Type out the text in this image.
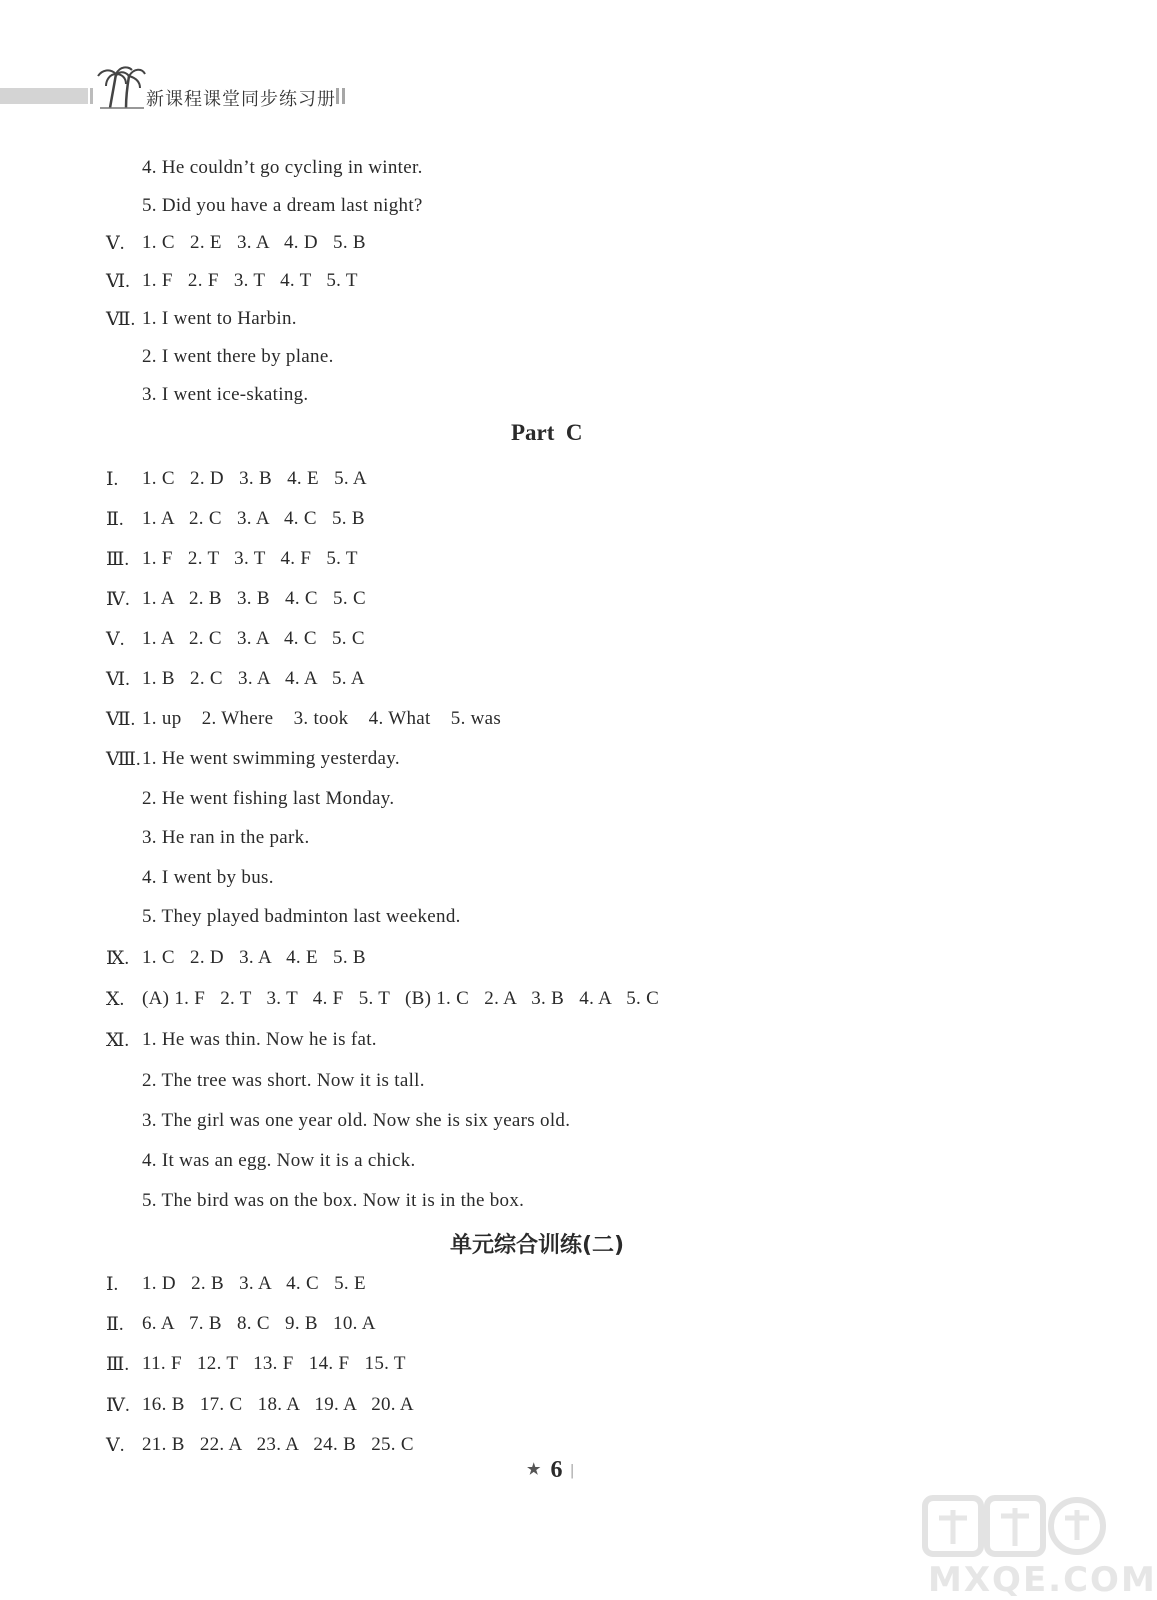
新课程课堂同步练习册
4. He couldn’t go cycling in winter.
5. Did you have a dream last night?
Ⅴ. 1. C   2. E   3. A   4. D   5. B
Ⅵ. 1. F   2. F   3. T   4. T   5. T
Ⅶ. 1. I went to Harbin.
2. I went there by plane.
3. I went ice-skating.
Part  C
Ⅰ. 1. C   2. D   3. B   4. E   5. A
Ⅱ. 1. A   2. C   3. A   4. C   5. B
Ⅲ. 1. F   2. T   3. T   4. F   5. T
Ⅳ. 1. A   2. B   3. B   4. C   5. C
Ⅴ. 1. A   2. C   3. A   4. C   5. C
Ⅵ. 1. B   2. C   3. A   4. A   5. A
Ⅶ. 1. up    2. Where    3. took    4. What    5. was
Ⅷ. 1. He went swimming yesterday.
2. He went fishing last Monday.
3. He ran in the park.
4. I went by bus.
5. They played badminton last weekend.
Ⅸ. 1. C   2. D   3. A   4. E   5. B
Ⅹ. (A) 1. F   2. T   3. T   4. F   5. T   (B) 1. C   2. A   3. B   4. A   5. C
Ⅺ. 1. He was thin. Now he is fat.
2. The tree was short. Now it is tall.
3. The girl was one year old. Now she is six years old.
4. It was an egg. Now it is a chick.
5. The bird was on the box. Now it is in the box.
单元综合训练(二)
Ⅰ. 1. D   2. B   3. A   4. C   5. E
Ⅱ. 6. A   7. B   8. C   9. B   10. A
Ⅲ. 11. F   12. T   13. F   14. F   15. T
Ⅳ. 16. B   17. C   18. A   19. A   20. A
Ⅴ. 21. B   22. A   23. A   24. B   25. C
★ 6 |
MXQE.COM
